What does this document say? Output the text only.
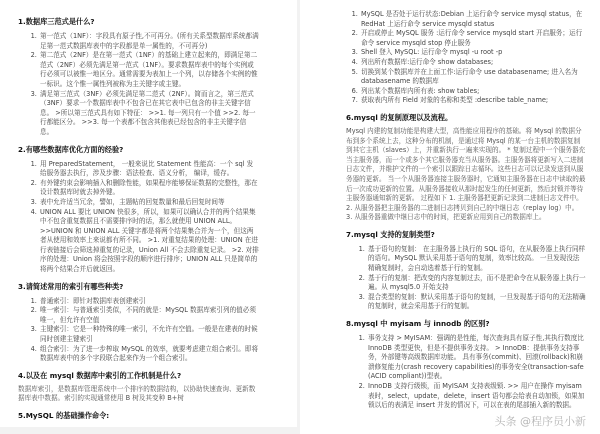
1.数据库三范式是什么?
1. 第一范式（1NF）：字段具有原子性,不可再分。(所有关系型数据库系统都满足第一范式数据库表中的字段都是单一属性的，不可再分)
2. 第二范式（2NF）是在第一范式（1NF）的基础上建立起来的，即满足第二范式（2NF）必须先满足第一范式（1NF）。要求数据库表中的每个实例或行必须可以被惟一地区分。通常需要为表加上一个列，以存储各个实例的惟一标识。这个惟一属性列被称为主关键字或主键。
3. 满足第三范式（3NF）必须先满足第二范式（2NF）。简而言之，第三范式（3NF）要求一个数据库表中不包含已在其它表中已包含的非主关键字信息。 >所以第三范式具有如下特征： >>1. 每一列只有一个值 >>2. 每一行都能区分。 >>3. 每一个表都不包含其他表已经包含的非主关键字信息。
2.有哪些数据库优化方面的经验?
1. 用 PreparedStatement， 一般来说比 Statement 性能高：一个 sql 发给服务器去执行，涉及步骤：语法检查、语义分析， 编译，缓存。
2. 有外键约束会影响插入和删除性能，如果程序能够保证数据的完整性，那在设计数据库时就去掉外键。
3. 表中允许适当冗余，譬如，主题帖的回复数量和最后回复时间等
4. UNION ALL 要比 UNION 快很多，所以，如果可以确认合并的两个结果集中不包含重复数据且不需要排序时的话，那么就使用 UNION ALL。 >>UNION 和 UNION ALL 关键字都是将两个结果集合并为一个，但这两者从使用和效率上来说都有所不同。 >1. 对重复结果的处理：UNION 在进行表链接后会筛选掉重复的记录，Union All 不会去除重复记录。 >2. 对排序的处理：Union 将会按照字段的顺序进行排序；UNION ALL 只是简单的将两个结果合并后就返回。
3.请简述常用的索引有哪些种类?
1. 普通索引：即针对数据库表创建索引
2. 唯一索引：与普通索引类似，不同的就是：MySQL 数据库索引列的值必须唯一，但允许有空值
3. 主键索引：它是一种特殊的唯一索引，不允许有空值。一般是在建表的时候同时创建主键索引
4. 组合索引：为了进一步榨取 MySQL 的效率，就要考虑建立组合索引。即将数据库表中的多个字段联合起来作为一个组合索引。
4.以及在 mysql 数据库中索引的工作机制是什么?

数据库索引，是数据库管理系统中一个排序的数据结构，以协助快速查询、更新数据库表中数据。索引的实现通常使用 B 树及其变种 B+树

5.MySQL 的基础操作命令:
1. MySQL 是否处于运行状态:Debian 上运行命令 service mysql status，在 RedHat 上运行命令 service mysqld status
2. 开启或停止 MySQL 服务 :运行命令 service mysqld start 开启服务；运行命令 service mysqld stop 停止服务
3. Shell 登入 MySQL: 运行命令 mysql -u root -p
4. 列出所有数据库:运行命令 show databases;
5. 切换到某个数据库并在上面工作:运行命令 use databasename; 进入名为 databasename 的数据库
6. 列出某个数据库内所有表: show tables;
7. 获取表内所有 Field 对象的名称和类型 :describe table_name;
6.mysql 的复制原理以及流程。

Mysql 内建的复制功能是构建大型，高性能应用程序的基础。将 Mysql 的数据分布到多个系统上去，这种分布的机制，是通过将 Mysql 的某一台主机的数据复制到其它主机（slaves）上，并重新执行一遍来实现的。 * 复制过程中一个服务器充当主服务器，而一个或多个其它服务器充当从服务器。主服务器将更新写入二进制日志文件，并维护文件的一个索引以跟踪日志循环。这些日志可以记录发送到从服务器的更新。 当一个从服务器连接主服务器时，它通知主服务器在日志中读取的最后一次成功更新的位置。从服务器接收从那时起发生的任何更新，然后封锁并等待主服务器通知新的更新。 过程如下 1. 主服务器把更新记录到二进制日志文件中。 2. 从服务器把主服务器的二进制日志拷贝到自己的中继日志（replay log）中。 3. 从服务器重做中继日志中的时间，把更新应用到自己的数据库上。

7.mysql 支持的复制类型?
1. 基于语句的复制： 在主服务器上执行的 SQL 语句，在从服务器上执行同样的语句。MySQL 默认采用基于语句的复制，效率比较高。 一旦发现没法精确复制时，会自动选着基于行的复制。
2. 基于行的复制：把改变的内容复制过去，而不是把命令在从服务器上执行一遍。从 mysql5.0 开始支持
3. 混合类型的复制：默认采用基于语句的复制，一旦发现基于语句的无法精确的复制时，就会采用基于行的复制。
8.mysql 中 myisam 与 innodb 的区别?
1. 事务支持 > MyISAM：强调的是性能，每次查询具有原子性,其执行数度比 InnoDB 类型更快，但是不提供事务支持。 > InnoDB：提供事务支持事务，外部键等高级数据库功能。 具有事务(commit)、回滚(rollback)和崩溃修复能力(crash recovery capabilities)的事务安全(transaction-safe (ACID compliant))型表。
2. InnoDB 支持行级锁，而 MyISAM 支持表级锁. >> 用户在操作 myisam 表时，select，update，delete，insert 语句都会给表自动加锁，如果加锁以后的表满足 insert 并发的情况下，可以在表的尾部插入新的数据。
头条 @程序员小新
